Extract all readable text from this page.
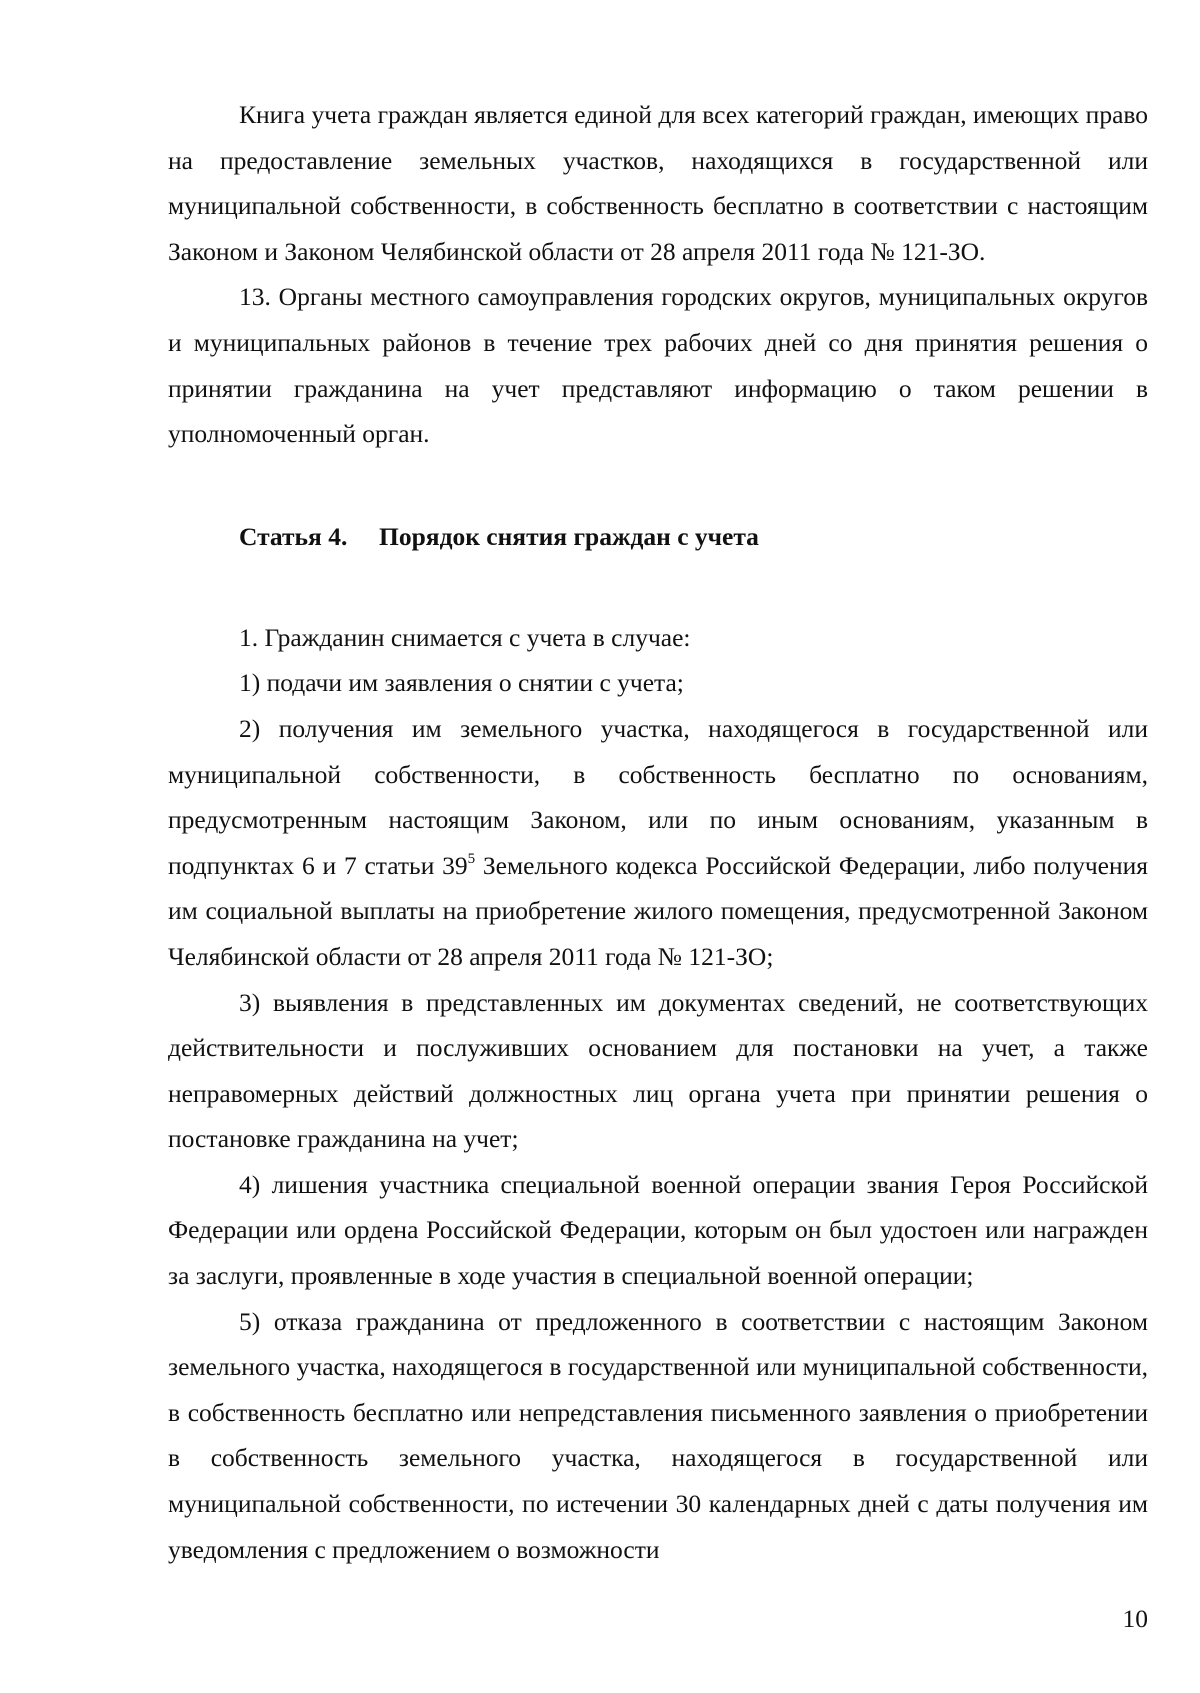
Книга учета граждан является единой для всех категорий граждан, имеющих право на предоставление земельных участков, находящихся в государственной или муниципальной собственности, в собственность бесплатно в соответствии с настоящим Законом и Законом Челябинской области от 28 апреля 2011 года № 121-ЗО.

13. Органы местного самоуправления городских округов, муниципальных округов и муниципальных районов в течение трех рабочих дней со дня принятия решения о принятии гражданина на учет представляют информацию о таком решении в уполномоченный орган.

Статья 4. Порядок снятия граждан с учета

1. Гражданин снимается с учета в случае:

1) подачи им заявления о снятии с учета;

2) получения им земельного участка, находящегося в государственной или муниципальной собственности, в собственность бесплатно по основаниям, предусмотренным настоящим Законом, или по иным основаниям, указанным в подпунктах 6 и 7 статьи $39^5$ Земельного кодекса Российской Федерации, либо получения им социальной выплаты на приобретение жилого помещения, предусмотренной Законом Челябинской области от 28 апреля 2011 года № 121-ЗО;

3) выявления в представленных им документах сведений, не соответствующих действительности и послуживших основанием для постановки на учет, а также неправомерных действий должностных лиц органа учета при принятии решения о постановке гражданина на учет;

4) лишения участника специальной военной операции звания Героя Российской Федерации или ордена Российской Федерации, которым он был удостоен или награжден за заслуги, проявленные в ходе участия в специальной военной операции;

5) отказа гражданина от предложенного в соответствии с настоящим Законом земельного участка, находящегося в государственной или муниципальной собственности, в собственность бесплатно или непредставления письменного заявления о приобретении в собственность земельного участка, находящегося в государственной или муниципальной собственности, по истечении 30 календарных дней с даты получения им уведомления с предложением о возможности

10
